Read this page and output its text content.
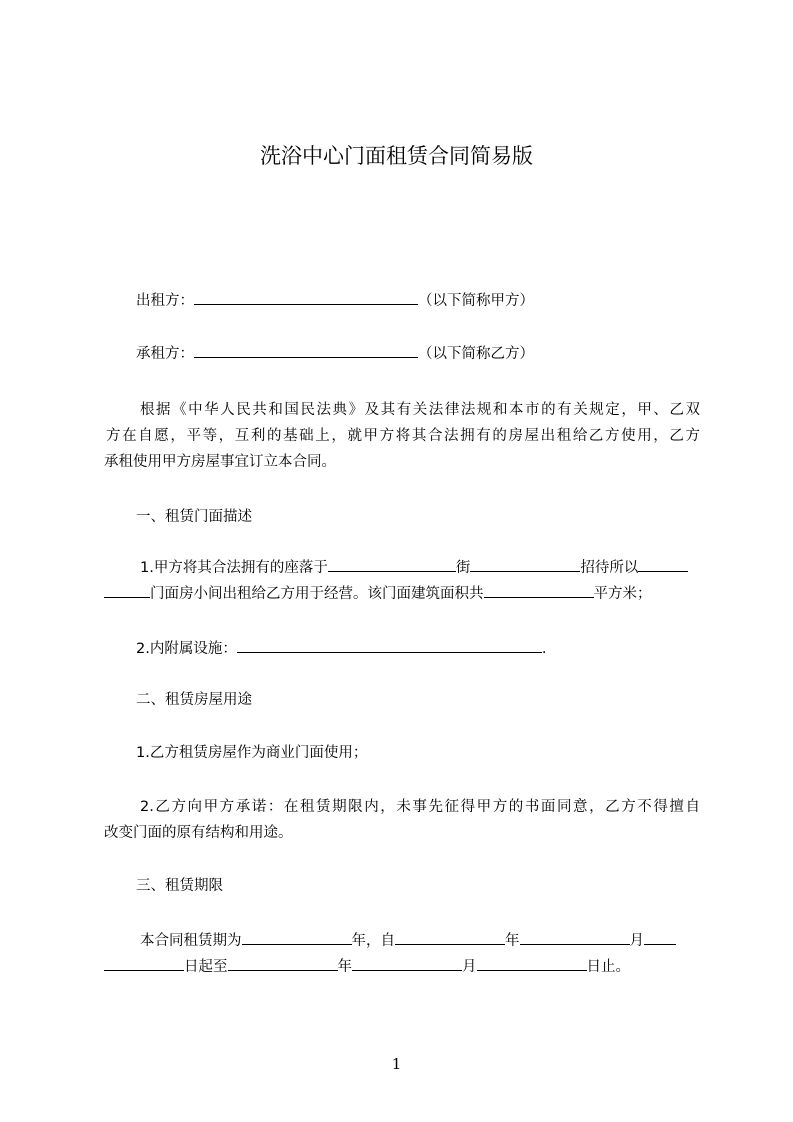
洗浴中心门面租赁合同简易版
出租方：	（以下简称甲方）
承租方：	（以下简称乙方）
根据《中华人民共和国民法典》及其有关法律法规和本市的有关规定，甲、乙双
方在自愿，平等，互利的基础上，就甲方将其合法拥有的房屋出租给乙方使用，乙方
承租使用甲方房屋事宜订立本合同。
一、租赁门面描述
1.甲方将其合法拥有的座落于	街	招待所以
门面房小间出租给乙方用于经营。该门面建筑面积共	平方米；
2.内附属设施：	.
二、租赁房屋用途
1.乙方租赁房屋作为商业门面使用；
2.乙方向甲方承诺：在租赁期限内，未事先征得甲方的书面同意，乙方不得擅自
改变门面的原有结构和用途。
三、租赁期限
本合同租赁期为	年，自	年	月
日起至	年	月	日止。
1
